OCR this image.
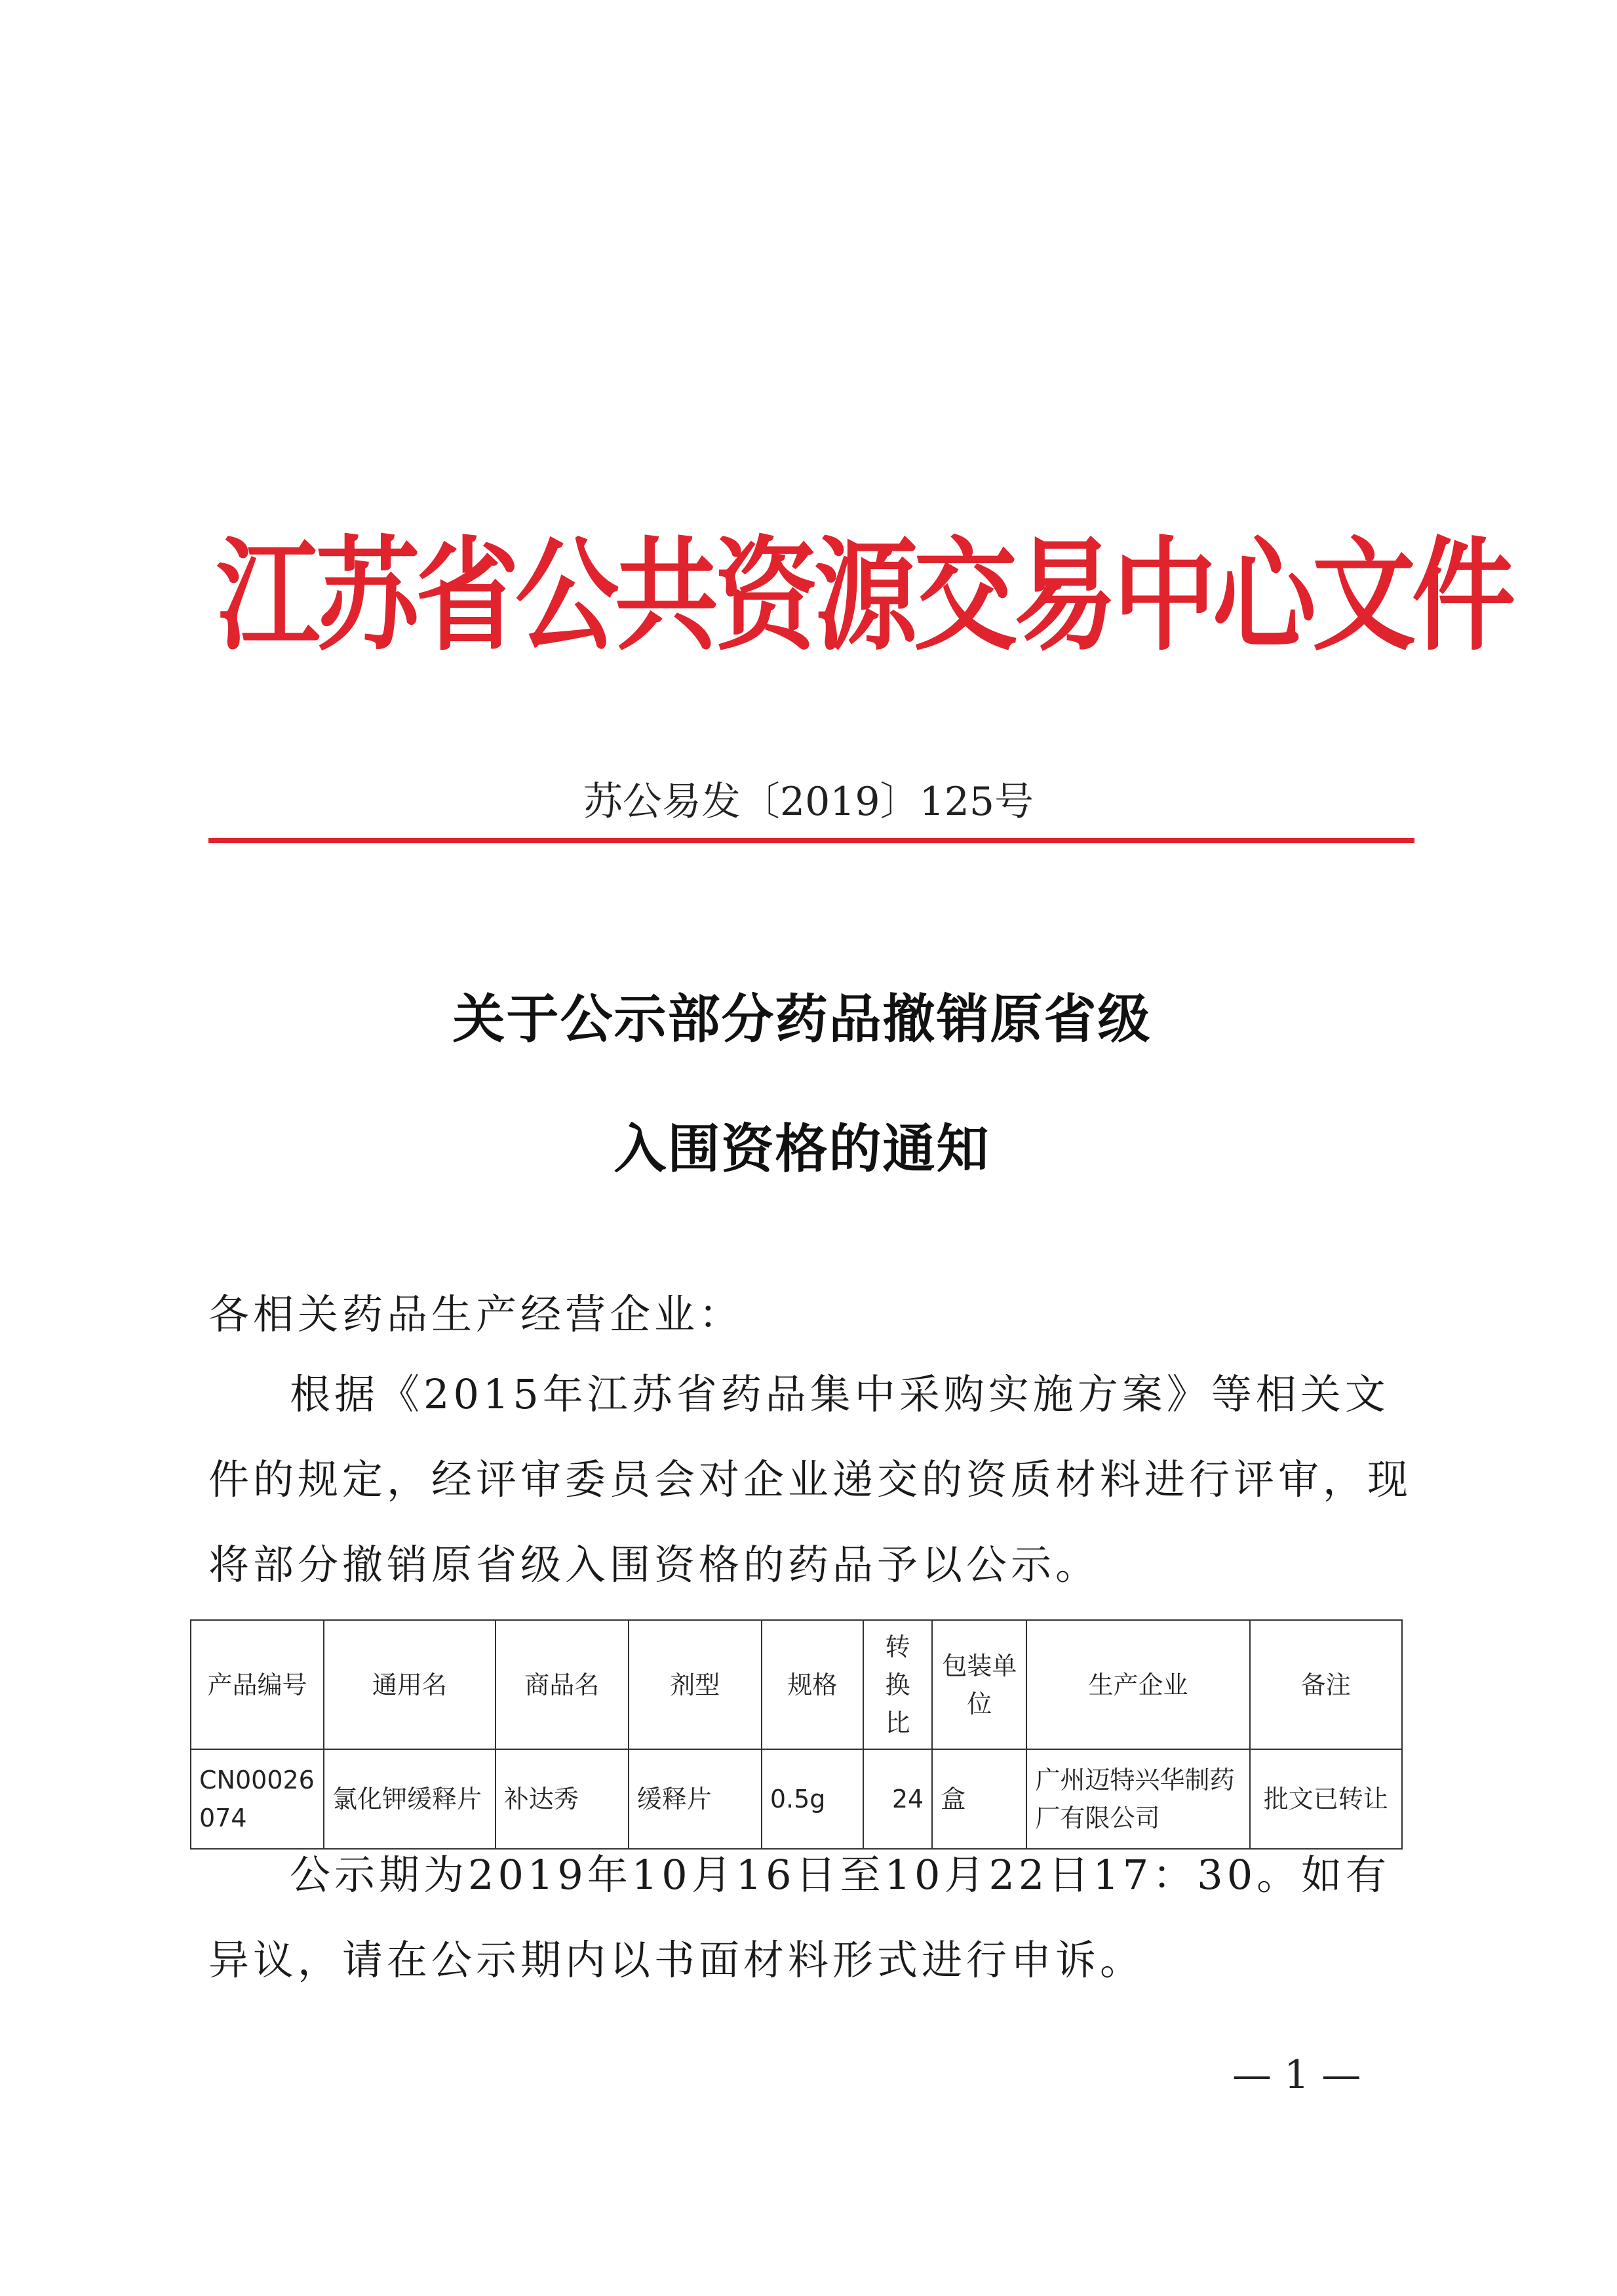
江苏省公共资源交易中心文件
苏公易发〔2019〕125号
关于公示部分药品撤销原省级
入围资格的通知
各相关药品生产经营企业：
根据《2015年江苏省药品集中采购实施方案》等相关文件的规定，经评审委员会对企业递交的资质材料进行评审，现将部分撤销原省级入围资格的药品予以公示。
产品编号	通用名	商品名	剂型	规格	转换比	包装单位	生产企业	备注
CN00026074	氯化钾缓释片	补达秀	缓释片	0.5g	24	盒	广州迈特兴华制药厂有限公司	批文已转让
公示期为2019年10月16日至10月22日17：30。如有异议，请在公示期内以书面材料形式进行申诉。
— 1 —
